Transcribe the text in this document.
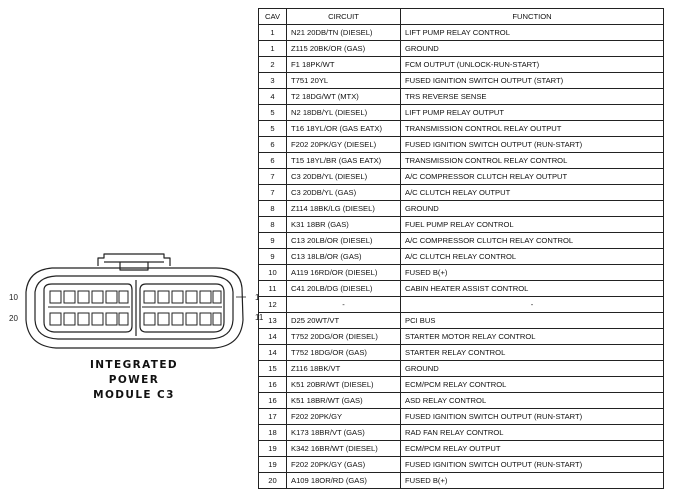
10
20
1
11
INTEGRATED
POWER
MODULE C3
CAV	CIRCUIT	FUNCTION
1	N21 20DB/TN (DIESEL)	LIFT PUMP RELAY CONTROL
1	Z115 20BK/OR (GAS)	GROUND
2	F1 18PK/WT	FCM OUTPUT (UNLOCK-RUN-START)
3	T751 20YL	FUSED IGNITION SWITCH OUTPUT (START)
4	T2 18DG/WT (MTX)	TRS REVERSE SENSE
5	N2 18DB/YL (DIESEL)	LIFT PUMP RELAY OUTPUT
5	T16 18YL/OR (GAS EATX)	TRANSMISSION CONTROL RELAY OUTPUT
6	F202 20PK/GY (DIESEL)	FUSED IGNITION SWITCH OUTPUT (RUN-START)
6	T15 18YL/BR (GAS EATX)	TRANSMISSION CONTROL RELAY CONTROL
7	C3 20DB/YL (DIESEL)	A/C COMPRESSOR CLUTCH RELAY OUTPUT
7	C3 20DB/YL (GAS)	A/C CLUTCH RELAY OUTPUT
8	Z114 18BK/LG (DIESEL)	GROUND
8	K31 18BR (GAS)	FUEL PUMP RELAY CONTROL
9	C13 20LB/OR (DIESEL)	A/C COMPRESSOR CLUTCH RELAY CONTROL
9	C13 18LB/OR (GAS)	A/C CLUTCH RELAY CONTROL
10	A119 16RD/OR (DIESEL)	FUSED B(+)
11	C41 20LB/DG (DIESEL)	CABIN HEATER ASSIST CONTROL
12	-	-
13	D25 20WT/VT	PCI BUS
14	T752 20DG/OR (DIESEL)	STARTER MOTOR RELAY CONTROL
14	T752 18DG/OR (GAS)	STARTER RELAY CONTROL
15	Z116 18BK/VT	GROUND
16	K51 20BR/WT (DIESEL)	ECM/PCM RELAY CONTROL
16	K51 18BR/WT (GAS)	ASD RELAY CONTROL
17	F202 20PK/GY	FUSED IGNITION SWITCH OUTPUT (RUN-START)
18	K173 18BR/VT (GAS)	RAD FAN RELAY CONTROL
19	K342 16BR/WT (DIESEL)	ECM/PCM RELAY OUTPUT
19	F202 20PK/GY (GAS)	FUSED IGNITION SWITCH OUTPUT (RUN-START)
20	A109 18OR/RD (GAS)	FUSED B(+)
